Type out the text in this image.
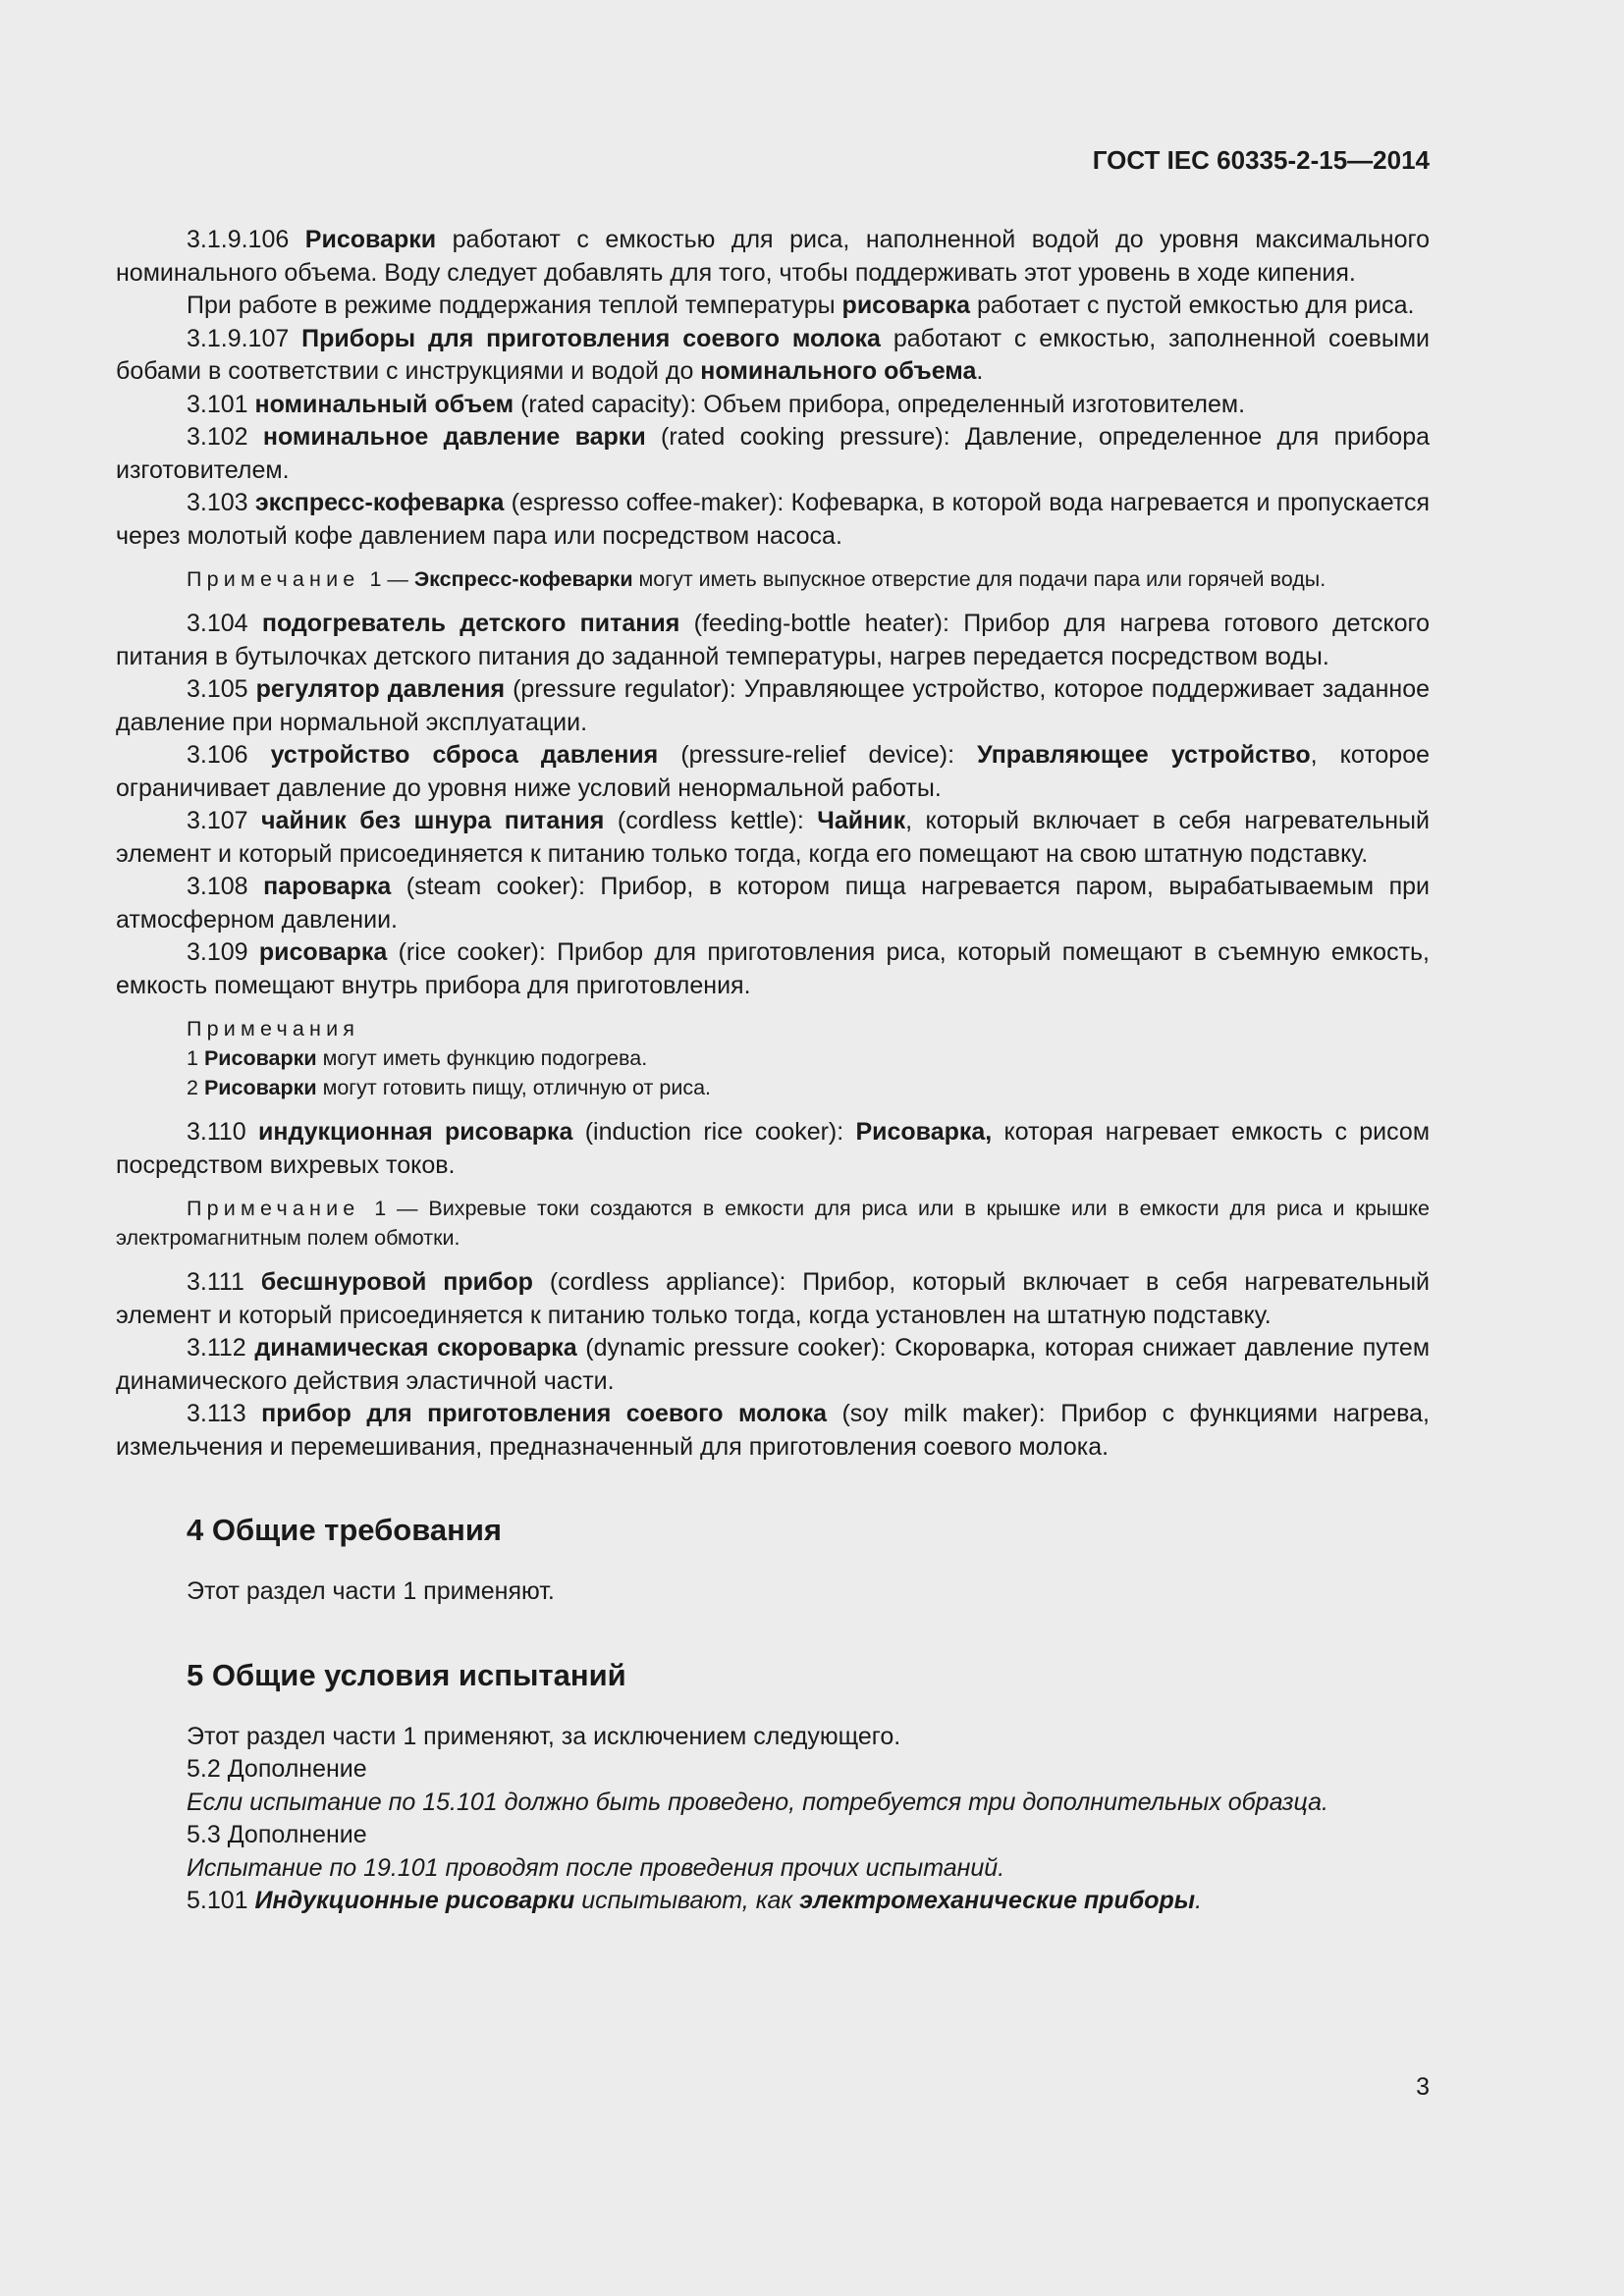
ГОСТ IEC 60335-2-15—2014

3.1.9.106 Рисоварки работают с емкостью для риса, наполненной водой до уровня максимального номинального объема. Воду следует добавлять для того, чтобы поддерживать этот уровень в ходе кипения.

При работе в режиме поддержания теплой температуры рисоварка работает с пустой емкостью для риса.

3.1.9.107 Приборы для приготовления соевого молока работают с емкостью, заполненной соевыми бобами в соответствии с инструкциями и водой до номинального объема.

3.101 номинальный объем (rated capacity): Объем прибора, определенный изготовителем.

3.102 номинальное давление варки (rated cooking pressure): Давление, определенное для прибора изготовителем.

3.103 экспресс-кофеварка (espresso coffee-maker): Кофеварка, в которой вода нагревается и пропускается через молотый кофе давлением пара или посредством насоса.

Примечание 1 — Экспресс-кофеварки могут иметь выпускное отверстие для подачи пара или горячей воды.

3.104 подогреватель детского питания (feeding-bottle heater): Прибор для нагрева готового детского питания в бутылочках детского питания до заданной температуры, нагрев передается посредством воды.

3.105 регулятор давления (pressure regulator): Управляющее устройство, которое поддерживает заданное давление при нормальной эксплуатации.

3.106 устройство сброса давления (pressure-relief device): Управляющее устройство, которое ограничивает давление до уровня ниже условий ненормальной работы.

3.107 чайник без шнура питания (cordless kettle): Чайник, который включает в себя нагревательный элемент и который присоединяется к питанию только тогда, когда его помещают на свою штатную подставку.

3.108 пароварка (steam cooker): Прибор, в котором пища нагревается паром, вырабатываемым при атмосферном давлении.

3.109 рисоварка (rice cooker): Прибор для приготовления риса, который помещают в съемную емкость, емкость помещают внутрь прибора для приготовления.

Примечания
1 Рисоварки могут иметь функцию подогрева.
2 Рисоварки могут готовить пищу, отличную от риса.

3.110 индукционная рисоварка (induction rice cooker): Рисоварка, которая нагревает емкость с рисом посредством вихревых токов.

Примечание 1 — Вихревые токи создаются в емкости для риса или в крышке или в емкости для риса и крышке электромагнитным полем обмотки.

3.111 бесшнуровой прибор (cordless appliance): Прибор, который включает в себя нагревательный элемент и который присоединяется к питанию только тогда, когда установлен на штатную подставку.

3.112 динамическая скороварка (dynamic pressure cooker): Скороварка, которая снижает давление путем динамического действия эластичной части.

3.113 прибор для приготовления соевого молока (soy milk maker): Прибор с функциями нагрева, измельчения и перемешивания, предназначенный для приготовления соевого молока.

4 Общие требования

Этот раздел части 1 применяют.

5 Общие условия испытаний

Этот раздел части 1 применяют, за исключением следующего.

5.2 Дополнение

Если испытание по 15.101 должно быть проведено, потребуется три дополнительных образца.

5.3 Дополнение

Испытание по 19.101 проводят после проведения прочих испытаний.

5.101 Индукционные рисоварки испытывают, как электромеханические приборы.

3
